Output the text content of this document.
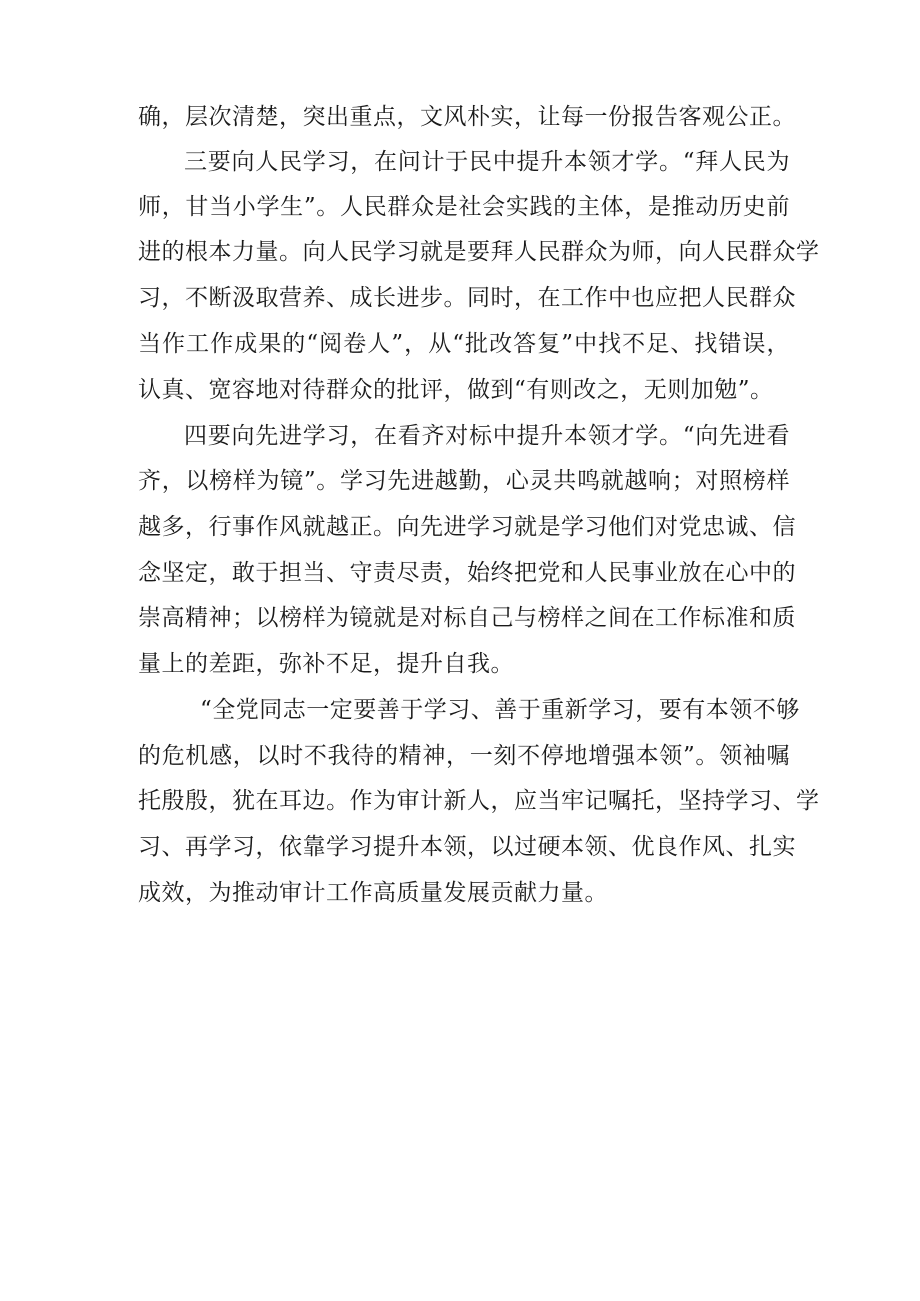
确，层次清楚，突出重点，文风朴实，让每一份报告客观公正。
三要向人民学习，在问计于民中提升本领才学。“拜人民为
师，甘当小学生”。人民群众是社会实践的主体，是推动历史前
进的根本力量。向人民学习就是要拜人民群众为师，向人民群众学
习，不断汲取营养、成长进步。同时，在工作中也应把人民群众
当作工作成果的“阅卷人”，从“批改答复”中找不足、找错误，
认真、宽容地对待群众的批评，做到“有则改之，无则加勉”。
四要向先进学习，在看齐对标中提升本领才学。“向先进看
齐，以榜样为镜”。学习先进越勤，心灵共鸣就越响；对照榜样
越多，行事作风就越正。向先进学习就是学习他们对党忠诚、信
念坚定，敢于担当、守责尽责，始终把党和人民事业放在心中的
崇高精神；以榜样为镜就是对标自己与榜样之间在工作标准和质
量上的差距，弥补不足，提升自我。
“全党同志一定要善于学习、善于重新学习，要有本领不够
的危机感，以时不我待的精神，一刻不停地增强本领”。领袖嘱
托殷殷，犹在耳边。作为审计新人，应当牢记嘱托，坚持学习、学
习、再学习，依靠学习提升本领，以过硬本领、优良作风、扎实
成效，为推动审计工作高质量发展贡献力量。
